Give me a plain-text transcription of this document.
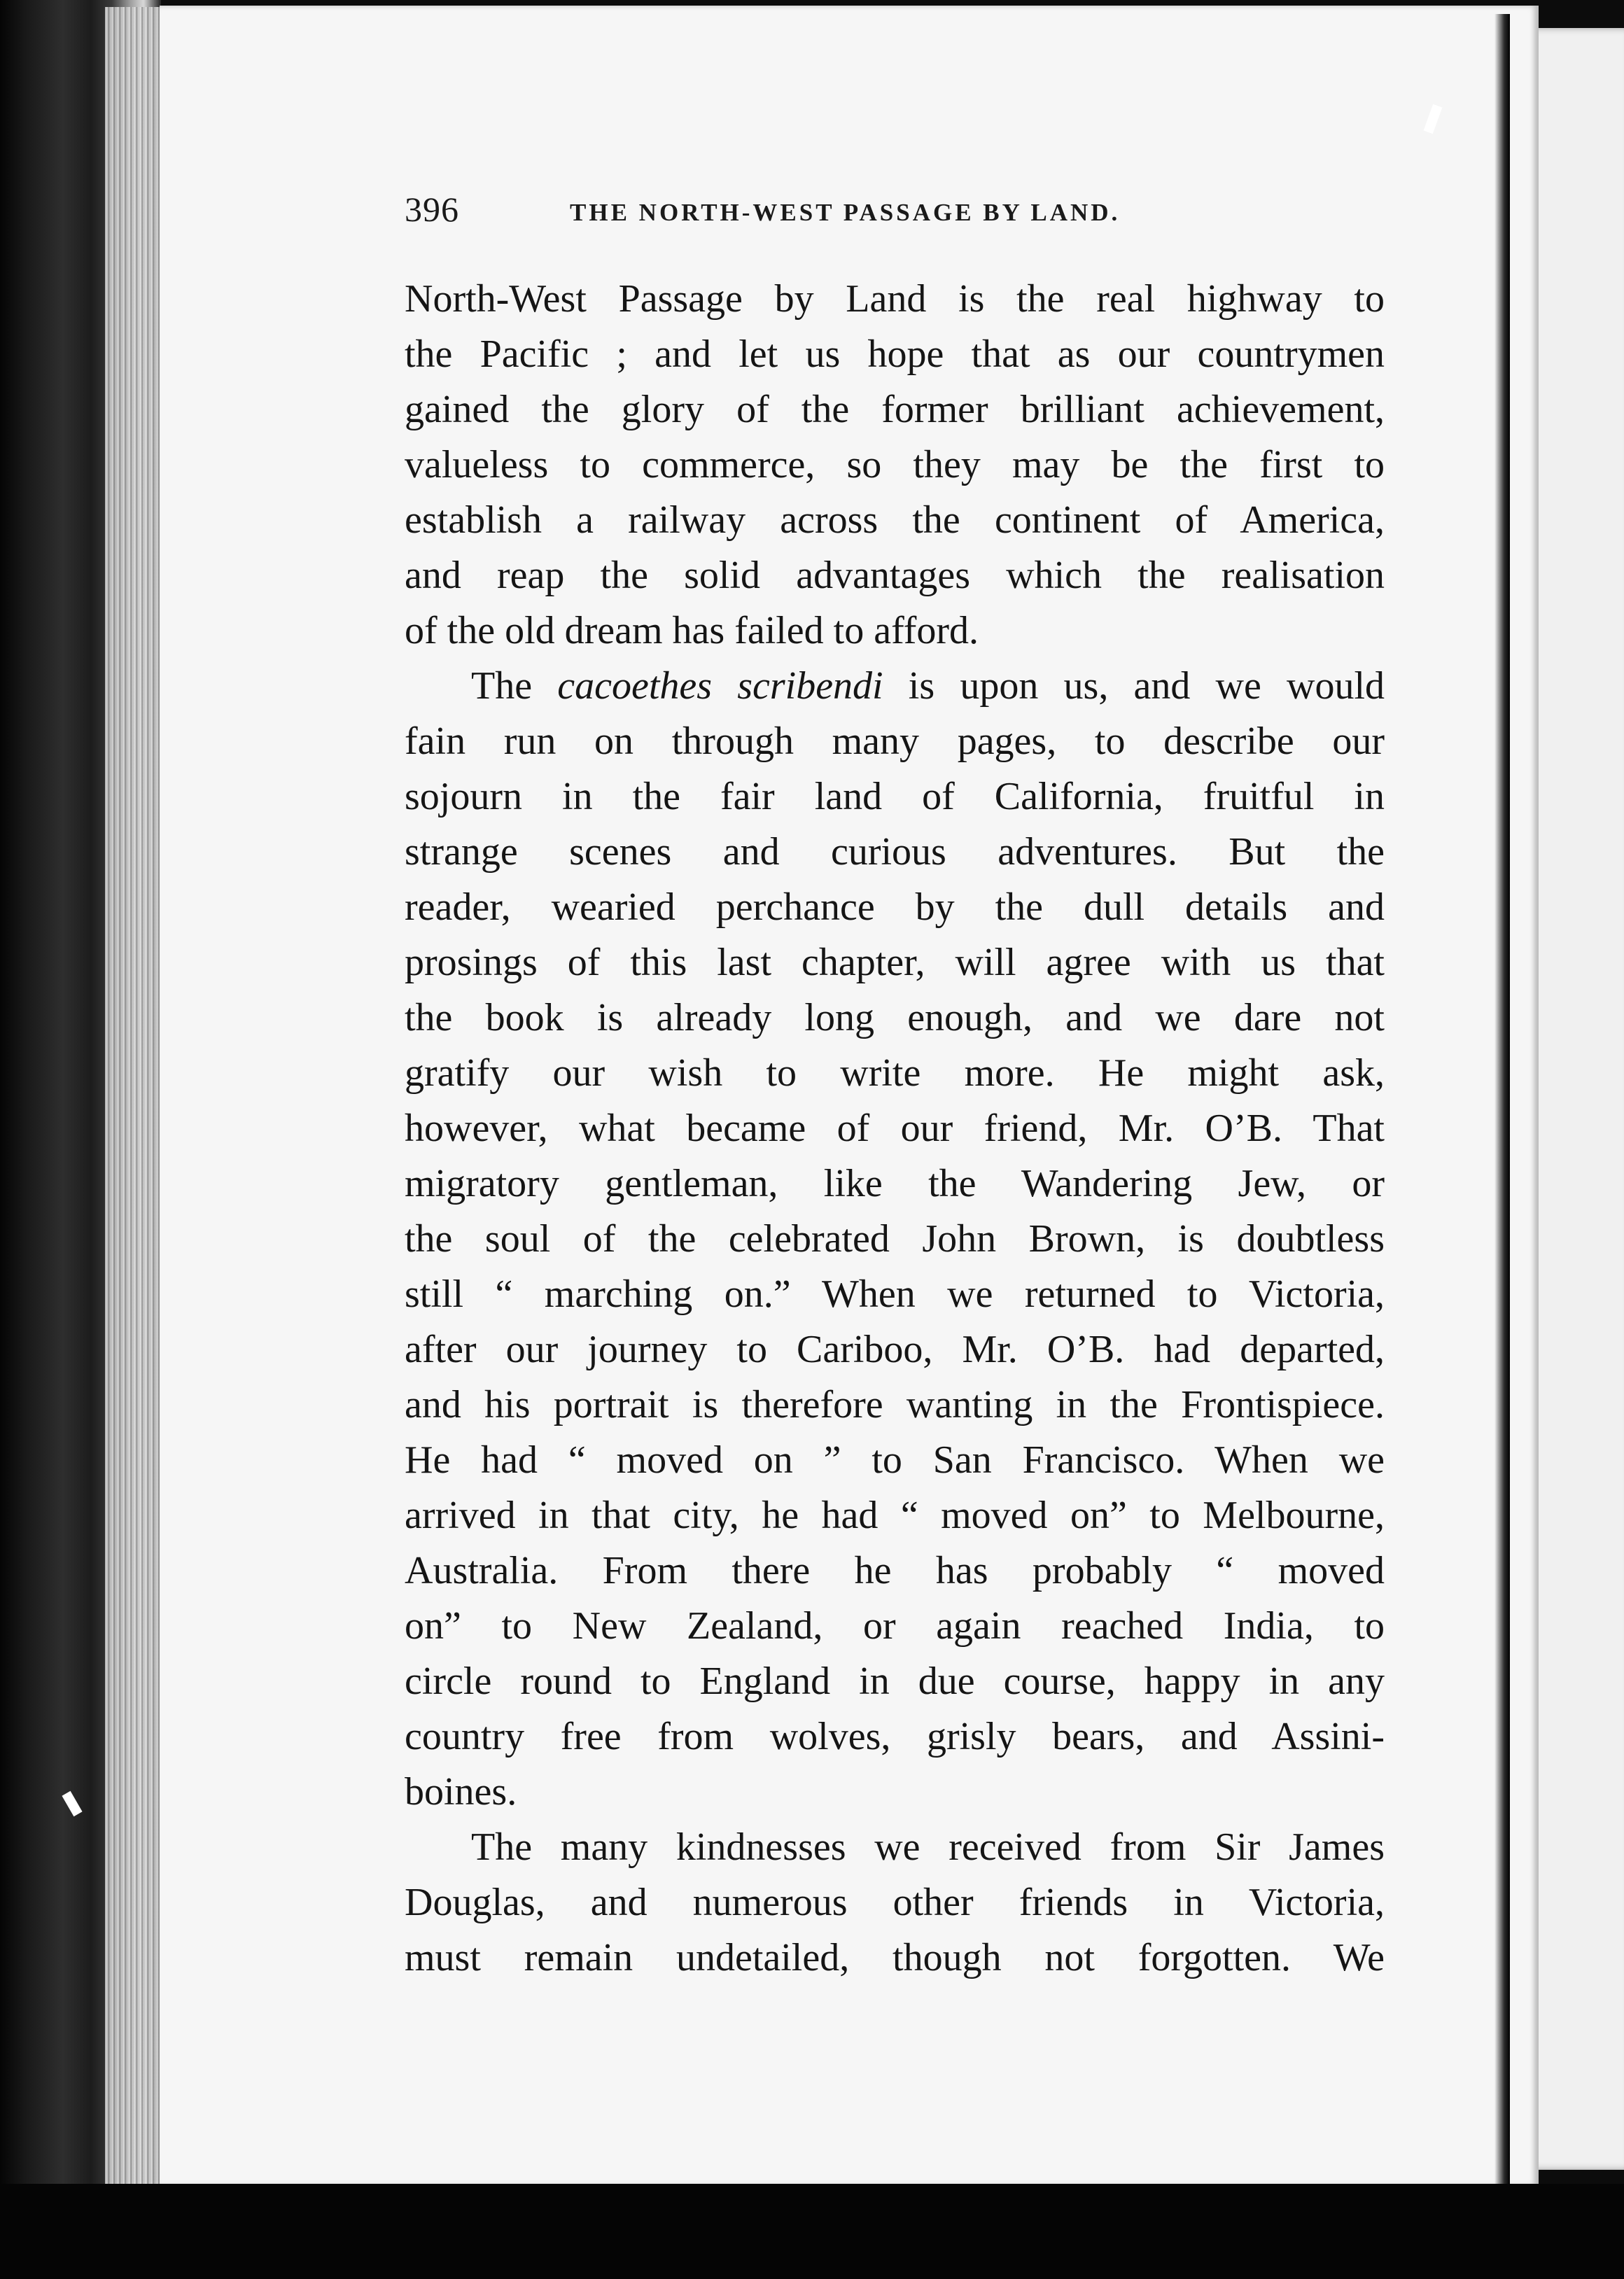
396	THE NORTH-WEST PASSAGE BY LAND.
North-West Passage by Land is the real highway to
the Pacific ; and let us hope that as our countrymen
gained the glory of the former brilliant achievement,
valueless to commerce, so they may be the first to
establish a railway across the continent of America,
and reap the solid advantages which the realisation
of the old dream has failed to afford.
The cacoethes scribendi is upon us, and we would
fain run on through many pages, to describe our
sojourn in the fair land of California, fruitful in
strange scenes and curious adventures. But the
reader, wearied perchance by the dull details and
prosings of this last chapter, will agree with us that
the book is already long enough, and we dare not
gratify our wish to write more. He might ask,
however, what became of our friend, Mr. O’B. That
migratory gentleman, like the Wandering Jew, or
the soul of the celebrated John Brown, is doubtless
still “ marching on.” When we returned to Victoria,
after our journey to Cariboo, Mr. O’B. had departed,
and his portrait is therefore wanting in the Frontispiece.
He had “ moved on ” to San Francisco. When we
arrived in that city, he had “ moved on” to Melbourne,
Australia. From there he has probably “ moved
on” to New Zealand, or again reached India, to
circle round to England in due course, happy in any
country free from wolves, grisly bears, and Assini-
boines.
The many kindnesses we received from Sir James
Douglas, and numerous other friends in Victoria,
must remain undetailed, though not forgotten. We
